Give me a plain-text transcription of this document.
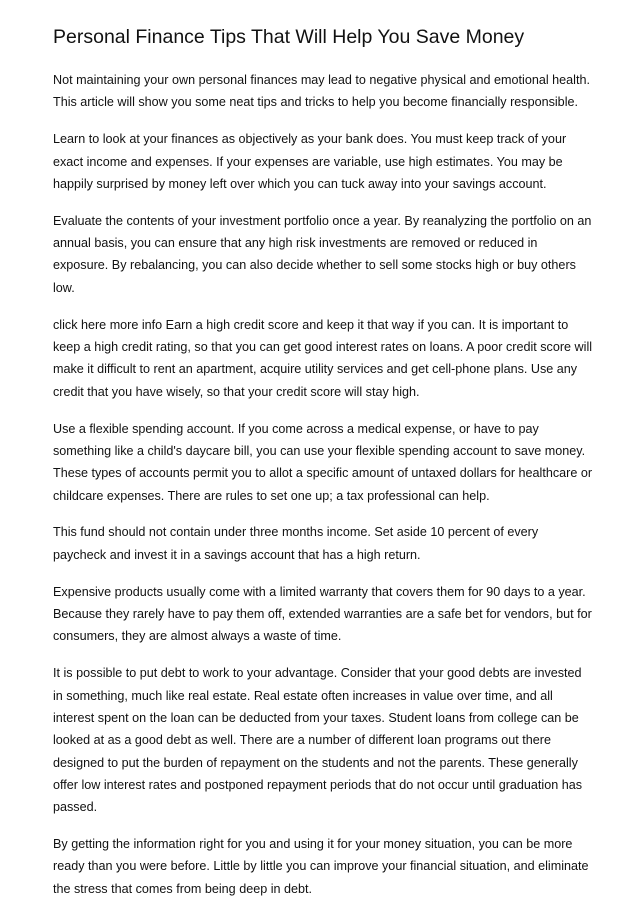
Personal Finance Tips That Will Help You Save Money

Not maintaining your own personal finances may lead to negative physical and emotional health. This article will show you some neat tips and tricks to help you become financially responsible.

Learn to look at your finances as objectively as your bank does. You must keep track of your exact income and expenses. If your expenses are variable, use high estimates. You may be happily surprised by money left over which you can tuck away into your savings account.

Evaluate the contents of your investment portfolio once a year. By reanalyzing the portfolio on an annual basis, you can ensure that any high risk investments are removed or reduced in exposure. By rebalancing, you can also decide whether to sell some stocks high or buy others low.

click here more info Earn a high credit score and keep it that way if you can. It is important to keep a high credit rating, so that you can get good interest rates on loans. A poor credit score will make it difficult to rent an apartment, acquire utility services and get cell-phone plans. Use any credit that you have wisely, so that your credit score will stay high.

Use a flexible spending account. If you come across a medical expense, or have to pay something like a child's daycare bill, you can use your flexible spending account to save money. These types of accounts permit you to allot a specific amount of untaxed dollars for healthcare or childcare expenses. There are rules to set one up; a tax professional can help.

This fund should not contain under three months income. Set aside 10 percent of every paycheck and invest it in a savings account that has a high return.

Expensive products usually come with a limited warranty that covers them for 90 days to a year. Because they rarely have to pay them off, extended warranties are a safe bet for vendors, but for consumers, they are almost always a waste of time.

It is possible to put debt to work to your advantage. Consider that your good debts are invested in something, much like real estate. Real estate often increases in value over time, and all interest spent on the loan can be deducted from your taxes. Student loans from college can be looked at as a good debt as well. There are a number of different loan programs out there designed to put the burden of repayment on the students and not the parents. These generally offer low interest rates and postponed repayment periods that do not occur until graduation has passed.

By getting the information right for you and using it for your money situation, you can be more ready than you were before. Little by little you can improve your financial situation, and eliminate the stress that comes from being deep in debt.
